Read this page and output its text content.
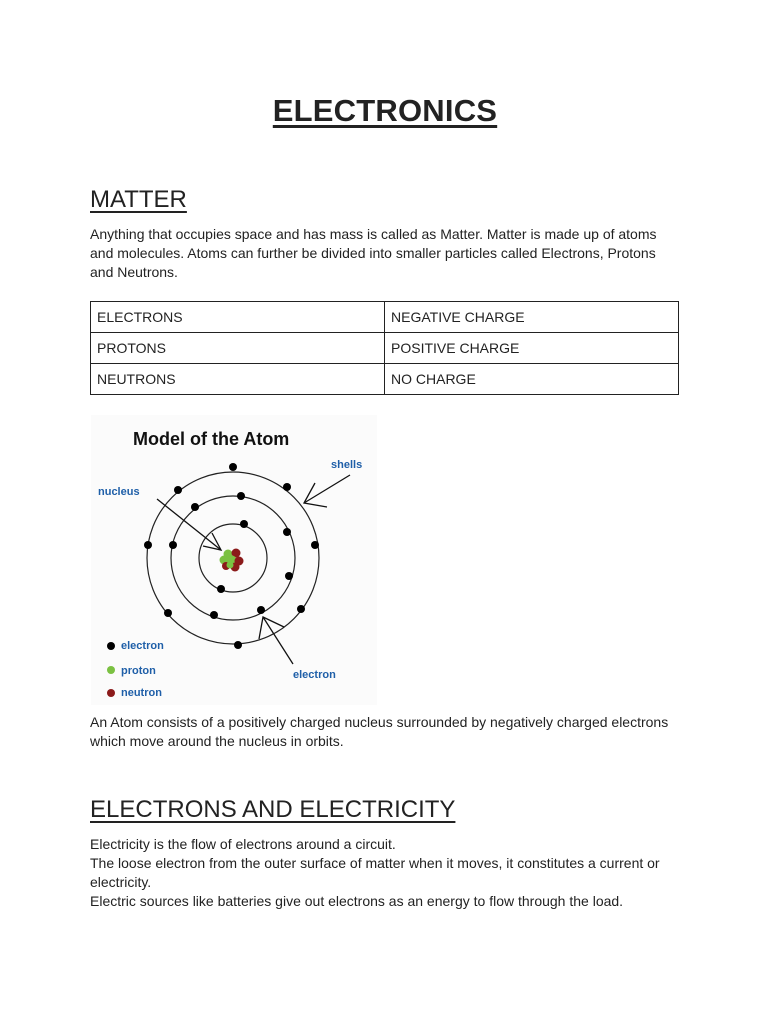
ELECTRONICS
MATTER

Anything that occupies space and has mass is called as Matter. Matter is made up of atoms and molecules. Atoms can further be divided into smaller particles called Electrons, Protons and Neutrons.

ELECTRONS	NEGATIVE CHARGE
PROTONS	POSITIVE CHARGE
NEUTRONS	NO CHARGE
Model of the Atom
shells
nucleus
electron
electron
proton
neutron

An Atom consists of a positively charged nucleus surrounded by negatively charged electrons which move around the nucleus in orbits.

ELECTRONS AND ELECTRICITY

Electricity is the flow of electrons around a circuit.

The loose electron from the outer surface of matter when it moves, it constitutes a current or electricity.

Electric sources like batteries give out electrons as an energy to flow through the load.
